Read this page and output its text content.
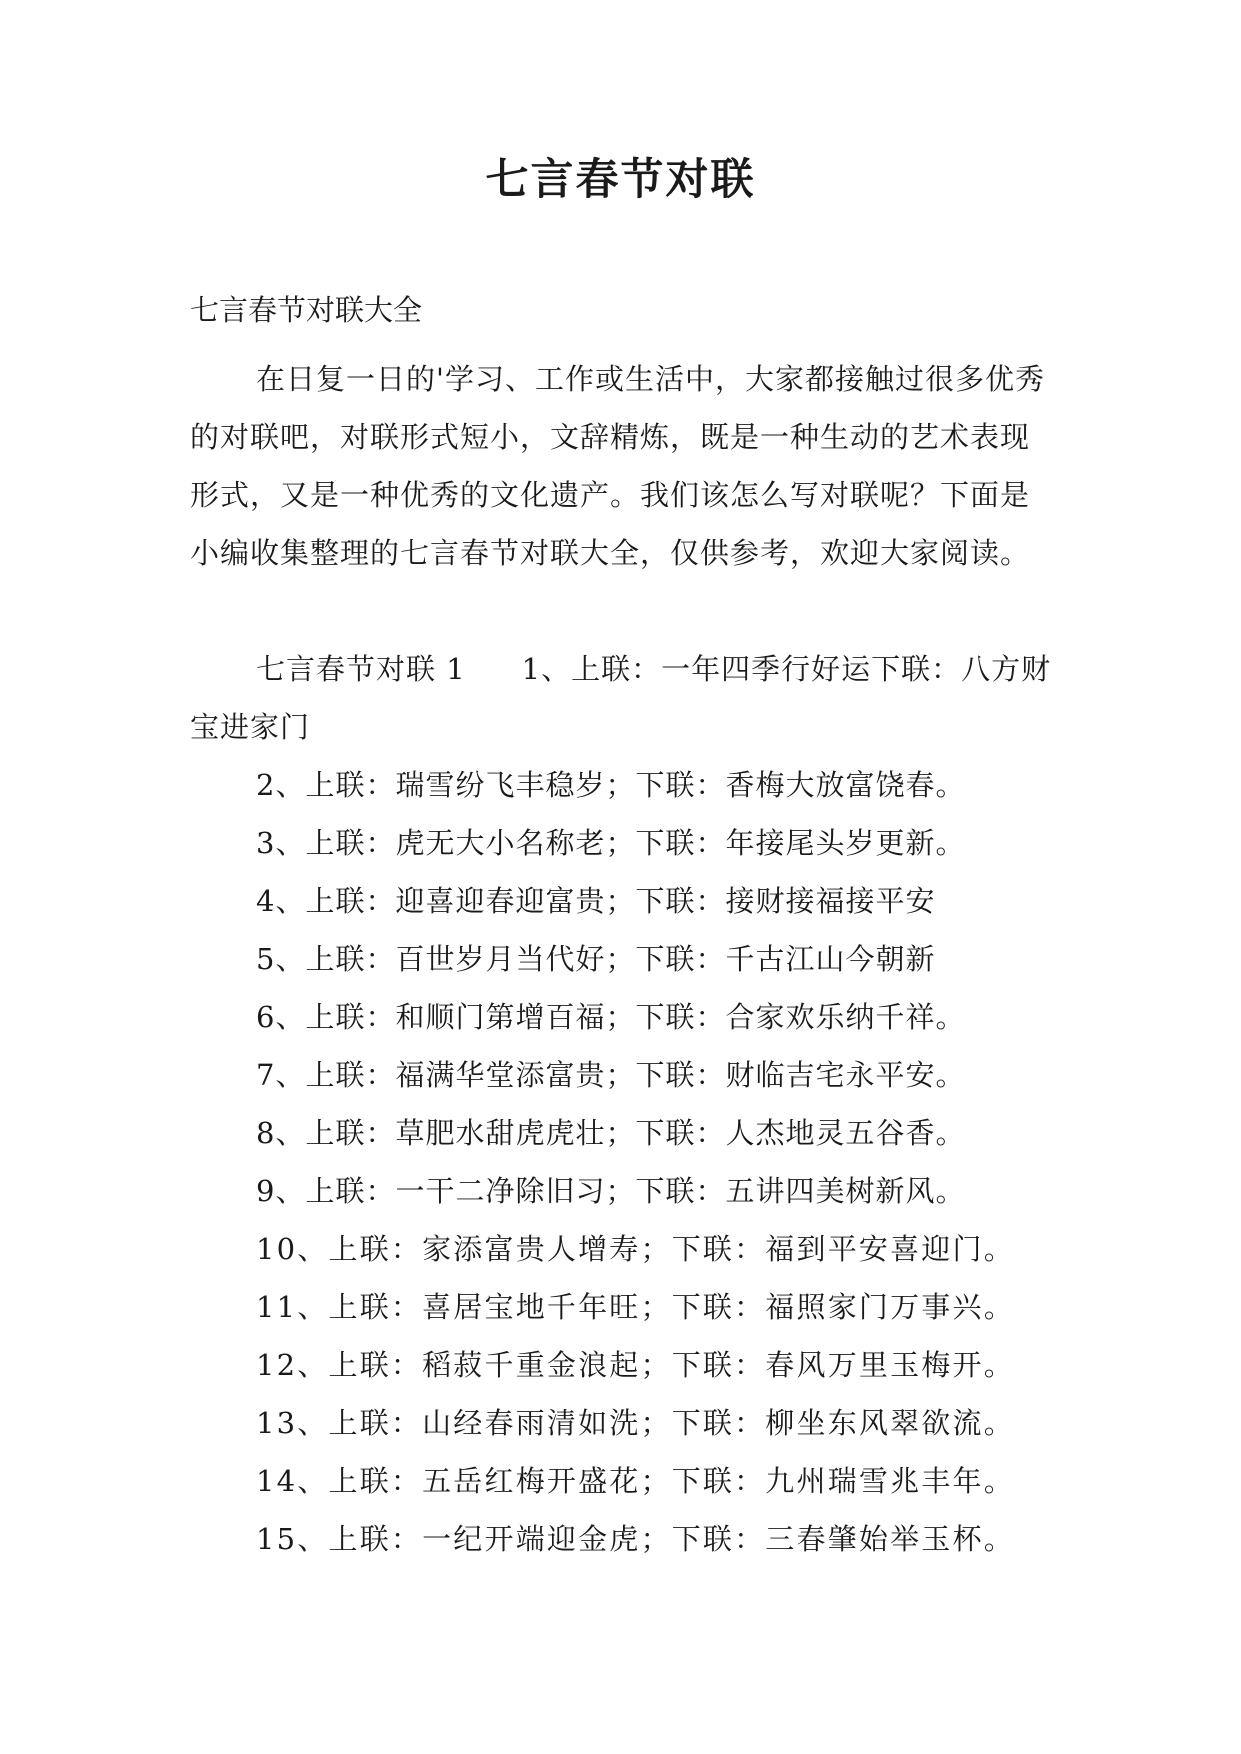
七言春节对联

七言春节对联大全

在日复一日的'学习、工作或生活中，大家都接触过很多优秀的对联吧，对联形式短小，文辞精炼，既是一种生动的艺术表现形式，又是一种优秀的文化遗产。我们该怎么写对联呢？下面是小编收集整理的七言春节对联大全，仅供参考，欢迎大家阅读。

七言春节对联 1 1、上联：一年四季行好运下联：八方财宝进家门

2、上联：瑞雪纷飞丰稳岁；下联：香梅大放富饶春。
3、上联：虎无大小名称老；下联：年接尾头岁更新。
4、上联：迎喜迎春迎富贵；下联：接财接福接平安
5、上联：百世岁月当代好；下联：千古江山今朝新
6、上联：和顺门第增百福；下联：合家欢乐纳千祥。
7、上联：福满华堂添富贵；下联：财临吉宅永平安。
8、上联：草肥水甜虎虎壮；下联：人杰地灵五谷香。
9、上联：一干二净除旧习；下联：五讲四美树新风。
10、上联：家添富贵人增寿；下联：福到平安喜迎门。
11、上联：喜居宝地千年旺；下联：福照家门万事兴。
12、上联：稻菽千重金浪起；下联：春风万里玉梅开。
13、上联：山经春雨清如洗；下联：柳坐东风翠欲流。
14、上联：五岳红梅开盛花；下联：九州瑞雪兆丰年。
15、上联：一纪开端迎金虎；下联：三春肇始举玉杯。
